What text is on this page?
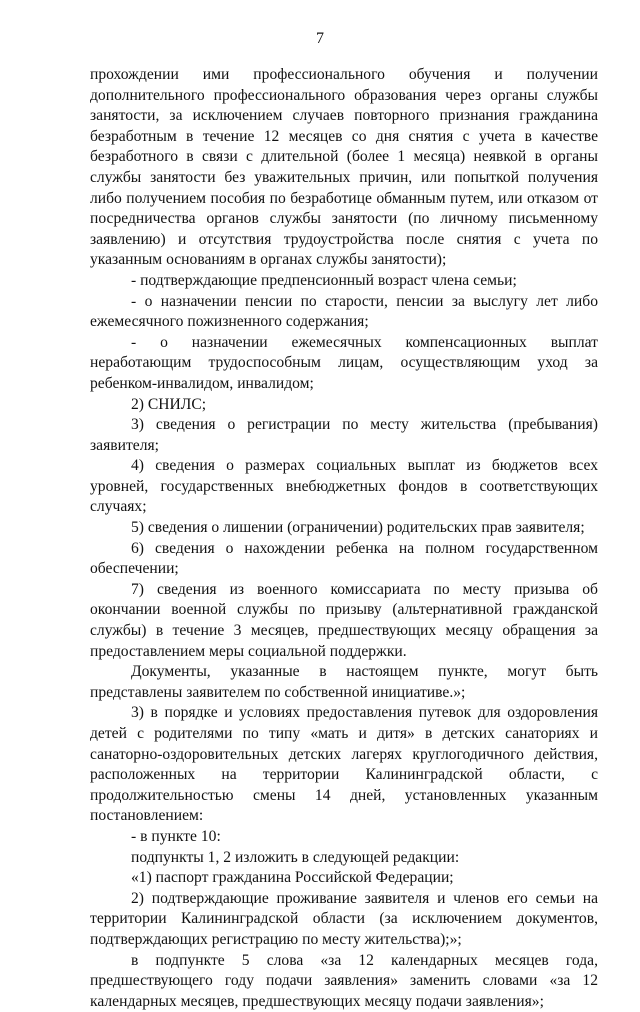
7

прохождении ими профессионального обучения и получении дополнительного профессионального образования через органы службы занятости, за исключением случаев повторного признания гражданина безработным в течение 12 месяцев со дня снятия с учета в качестве безработного в связи с длительной (более 1 месяца) неявкой в органы службы занятости без уважительных причин, или попыткой получения либо получением пособия по безработице обманным путем, или отказом от посредничества органов службы занятости (по личному письменному заявлению) и отсутствия трудоустройства после снятия с учета по указанным основаниям в органах службы занятости);

- подтверждающие предпенсионный возраст члена семьи;

- о назначении пенсии по старости, пенсии за выслугу лет либо ежемесячного пожизненного содержания;

- о назначении ежемесячных компенсационных выплат неработающим трудоспособным лицам, осуществляющим уход за ребенком-инвалидом, инвалидом;

2) СНИЛС;

3) сведения о регистрации по месту жительства (пребывания) заявителя;

4) сведения о размерах социальных выплат из бюджетов всех уровней, государственных внебюджетных фондов в соответствующих случаях;

5) сведения о лишении (ограничении) родительских прав заявителя;

6) сведения о нахождении ребенка на полном государственном обеспечении;

7) сведения из военного комиссариата по месту призыва об окончании военной службы по призыву (альтернативной гражданской службы) в течение 3 месяцев, предшествующих месяцу обращения за предоставлением меры социальной поддержки.

Документы, указанные в настоящем пункте, могут быть представлены заявителем по собственной инициативе.»;

3) в порядке и условиях предоставления путевок для оздоровления детей с родителями по типу «мать и дитя» в детских санаториях и санаторно-оздоровительных детских лагерях круглогодичного действия, расположенных на территории Калининградской области, с продолжительностью смены 14 дней, установленных указанным постановлением:

- в пункте 10:

подпункты 1, 2 изложить в следующей редакции:

«1) паспорт гражданина Российской Федерации;

2) подтверждающие проживание заявителя и членов его семьи на территории Калининградской области (за исключением документов, подтверждающих регистрацию по месту жительства);»;

в подпункте 5 слова «за 12 календарных месяцев года, предшествующего году подачи заявления» заменить словами «за 12 календарных месяцев, предшествующих месяцу подачи заявления»;
